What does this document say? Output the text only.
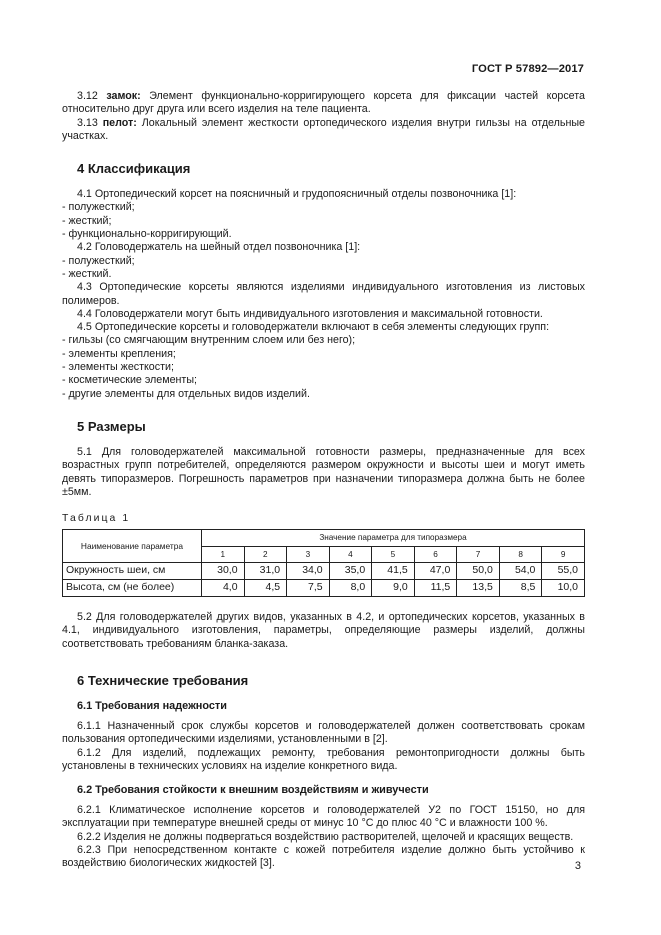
ГОСТ Р 57892—2017

3.12 замок: Элемент функционально-корригирующего корсета для фиксации частей корсета относительно друг друга или всего изделия на теле пациента.

3.13 пелот: Локальный элемент жесткости ортопедического изделия внутри гильзы на отдельные участках.

4 Классификация

4.1 Ортопедический корсет на поясничный и грудопоясничный отделы позвоночника [1]:

- полужесткий;

- жесткий;

- функционально-корригирующий.

4.2 Головодержатель на шейный отдел позвоночника [1]:

- полужесткий;

- жесткий.

4.3 Ортопедические корсеты являются изделиями индивидуального изготовления из листовых полимеров.

4.4 Головодержатели могут быть индивидуального изготовления и максимальной готовности.

4.5 Ортопедические корсеты и головодержатели включают в себя элементы следующих групп:

- гильзы (со смягчающим внутренним слоем или без него);

- элементы крепления;

- элементы жесткости;

- косметические элементы;

- другие элементы для отдельных видов изделий.

5 Размеры

5.1 Для головодержателей максимальной готовности размеры, предназначенные для всех возрастных групп потребителей, определяются размером окружности и высоты шеи и могут иметь девять типоразмеров. Погрешность параметров при назначении типоразмера должна быть не более ±5мм.

Таблица 1
Наименование параметра	Значение параметра для типоразмера								
	1	2	3	4	5	6	7	8	9
Окружность шеи, см	30,0	31,0	34,0	35,0	41,5	47,0	50,0	54,0	55,0
Высота, см (не более)	4,0	4,5	7,5	8,0	9,0	11,5	13,5	8,5	10,0

5.2 Для головодержателей других видов, указанных в 4.2, и ортопедических корсетов, указанных в 4.1, индивидуального изготовления, параметры, определяющие размеры изделий, должны соответствовать требованиям бланка-заказа.

6 Технические требования
6.1 Требования надежности

6.1.1 Назначенный срок службы корсетов и головодержателей должен соответствовать срокам пользования ортопедическими изделиями, установленными в [2].

6.1.2 Для изделий, подлежащих ремонту, требования ремонтопригодности должны быть установлены в технических условиях на изделие конкретного вида.

6.2 Требования стойкости к внешним воздействиям и живучести

6.2.1 Климатическое исполнение корсетов и головодержателей У2 по ГОСТ 15150, но для эксплуатации при температуре внешней среды от минус 10 °С до плюс 40 °С и влажности 100 %.

6.2.2 Изделия не должны подвергаться воздействию растворителей, щелочей и красящих веществ.

6.2.3 При непосредственном контакте с кожей потребителя изделие должно быть устойчиво к воздействию биологических жидкостей [3].	3
